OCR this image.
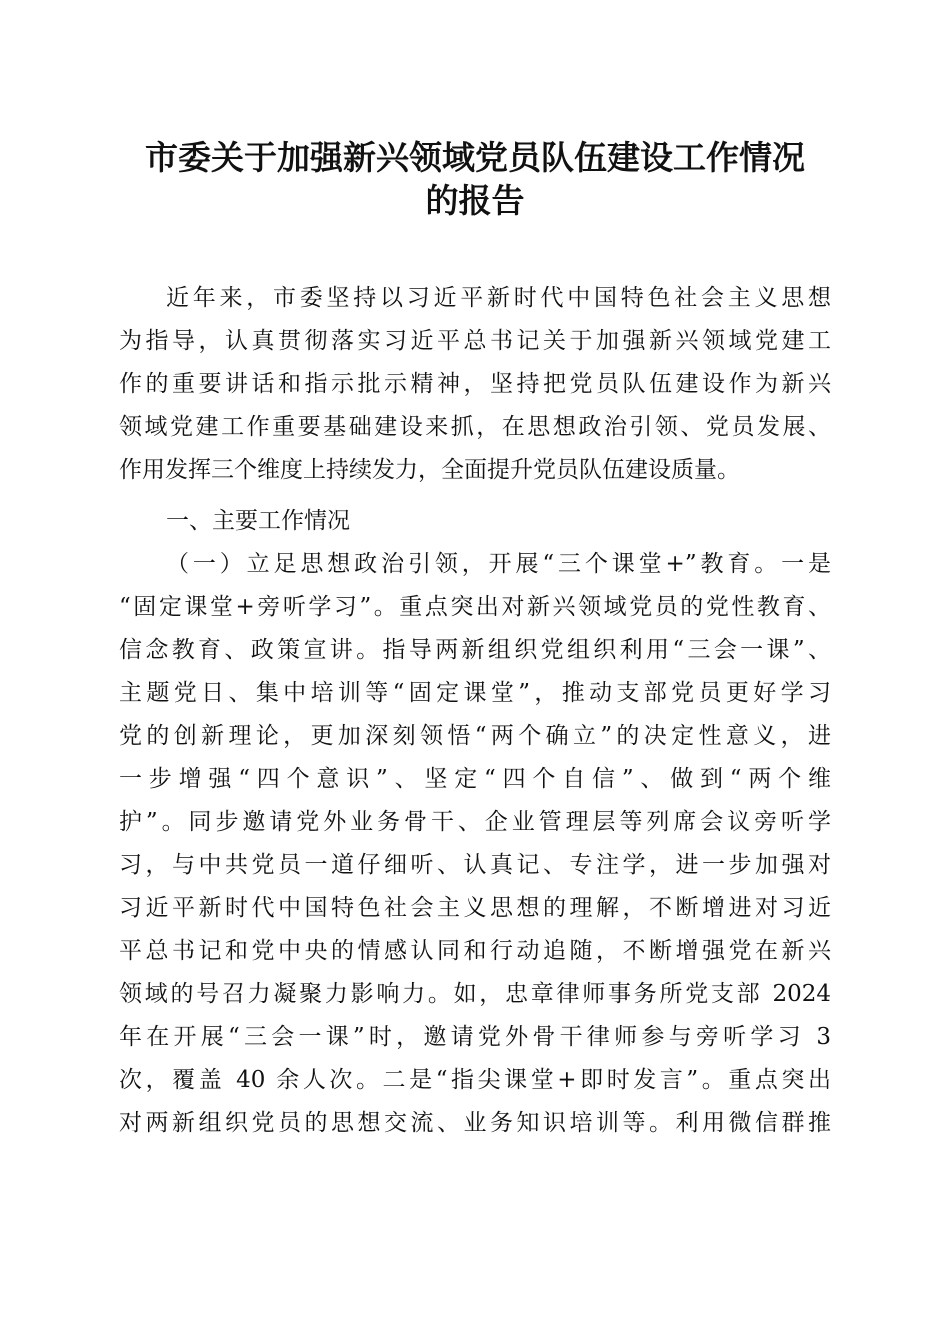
市委关于加强新兴领域党员队伍建设工作情况
的报告
近年来，市委坚持以习近平新时代中国特色社会主义思想
为指导，认真贯彻落实习近平总书记关于加强新兴领域党建工
作的重要讲话和指示批示精神，坚持把党员队伍建设作为新兴
领域党建工作重要基础建设来抓，在思想政治引领、党员发展、
作用发挥三个维度上持续发力，全面提升党员队伍建设质量。
一、主要工作情况
（一）立足思想政治引领，开展“三个课堂+”教育。一是
“固定课堂+旁听学习”。重点突出对新兴领域党员的党性教育、
信念教育、政策宣讲。指导两新组织党组织利用“三会一课”、
主题党日、集中培训等“固定课堂”，推动支部党员更好学习
党的创新理论，更加深刻领悟“两个确立”的决定性意义，进
一步增强“四个意识”、坚定“四个自信”、做到“两个维
护”。同步邀请党外业务骨干、企业管理层等列席会议旁听学
习，与中共党员一道仔细听、认真记、专注学，进一步加强对
习近平新时代中国特色社会主义思想的理解，不断增进对习近
平总书记和党中央的情感认同和行动追随，不断增强党在新兴
领域的号召力凝聚力影响力。如，忠章律师事务所党支部 2024
年在开展“三会一课”时，邀请党外骨干律师参与旁听学习 3
次，覆盖 40 余人次。二是“指尖课堂+即时发言”。重点突出
对两新组织党员的思想交流、业务知识培训等。利用微信群推
